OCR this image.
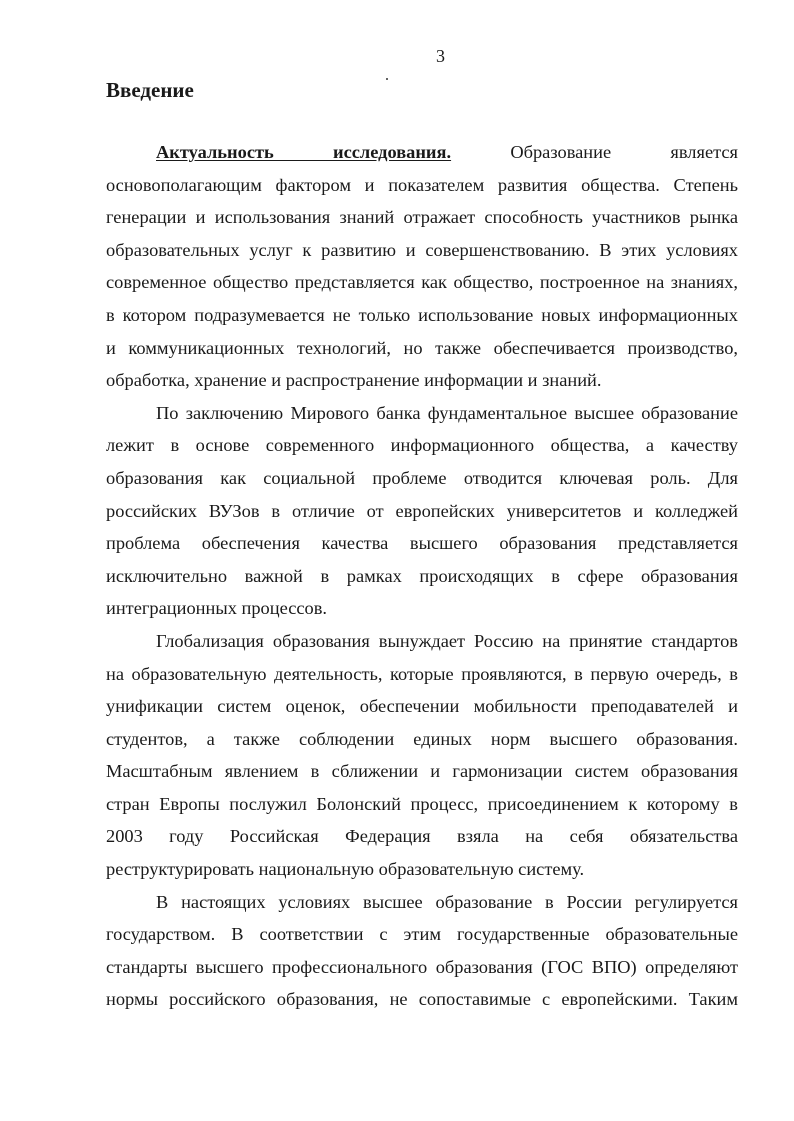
3
Введение

Актуальность исследования.	Образование является
основополагающим фактором и показателем развития общества. Степень
генерации и использования знаний отражает способность участников рынка
образовательных услуг к развитию и совершенствованию. В этих условиях
современное общество представляется как общество, построенное на знаниях,
в котором подразумевается не только использование новых информационных
и коммуникационных технологий, но также обеспечивается производство,
обработка, хранение и распространение информации и знаний.

По заключению Мирового банка фундаментальное высшее образование
лежит в основе современного информационного общества, а качеству
образования как социальной проблеме отводится ключевая роль. Для
российских ВУЗов в отличие от европейских университетов и колледжей
проблема обеспечения качества высшего образования представляется
исключительно важной в рамках происходящих в сфере образования
интеграционных процессов.

Глобализация образования вынуждает Россию на принятие стандартов
на образовательную деятельность, которые проявляются, в первую очередь, в
унификации систем оценок, обеспечении мобильности преподавателей и
студентов, а также соблюдении единых норм высшего образования.
Масштабным явлением в сближении и гармонизации систем образования
стран Европы послужил Болонский процесс, присоединением к которому в
2003 году Российская Федерация взяла на себя обязательства
реструктурировать национальную образовательную систему.

В настоящих условиях высшее образование в России регулируется
государством. В соответствии с этим государственные образовательные
стандарты высшего профессионального образования (ГОС ВПО) определяют
нормы российского образования, не сопоставимые с европейскими. Таким
